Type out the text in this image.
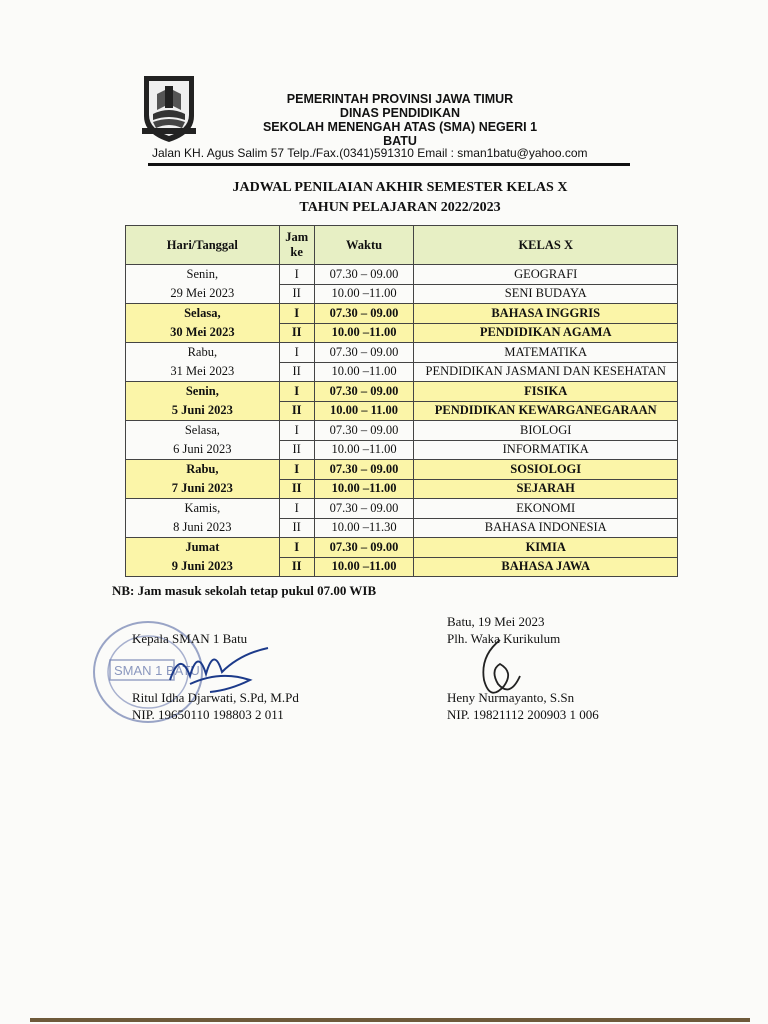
PEMERINTAH PROVINSI JAWA TIMUR
DINAS PENDIDIKAN
SEKOLAH MENENGAH ATAS (SMA) NEGERI 1
BATU
Jalan KH. Agus Salim 57 Telp./Fax.(0341)591310 Email : sman1batu@yahoo.com
JADWAL PENILAIAN AKHIR SEMESTER KELAS X
TAHUN PELAJARAN 2022/2023
Hari/Tanggal	Jam ke	Waktu	KELAS X

Senin,
29 Mei 2023	I	07.30 – 09.00	GEOGRAFI
	II	10.00 –11.00	SENI BUDAYA

Selasa,
30 Mei 2023	I	07.30 – 09.00	BAHASA INGGRIS
	II	10.00 –11.00	PENDIDIKAN AGAMA

Rabu,
31 Mei 2023	I	07.30 – 09.00	MATEMATIKA
	II	10.00 –11.00	PENDIDIKAN JASMANI DAN KESEHATAN

Senin,
5 Juni 2023	I	07.30 – 09.00	FISIKA
	II	10.00 – 11.00	PENDIDIKAN KEWARGANEGARAAN

Selasa,
6 Juni 2023	I	07.30 – 09.00	BIOLOGI
	II	10.00 –11.00	INFORMATIKA

Rabu,
7 Juni 2023	I	07.30 – 09.00	SOSIOLOGI
	II	10.00 –11.00	SEJARAH

Kamis,
8 Juni 2023	I	07.30 – 09.00	EKONOMI
	II	10.00 –11.30	BAHASA INDONESIA

Jumat
9 Juni 2023	I	07.30 – 09.00	KIMIA
	II	10.00 –11.00	BAHASA JAWA
NB: Jam masuk sekolah tetap pukul 07.00 WIB
SMAN 1 BATU
Kepala SMAN 1 Batu
Ritul Idha Djarwati, S.Pd, M.Pd
NIP. 19650110 198803 2 011
Batu, 19 Mei 2023
Plh. Waka Kurikulum
Heny Nurmayanto, S.Sn
NIP. 19821112 200903 1 006
